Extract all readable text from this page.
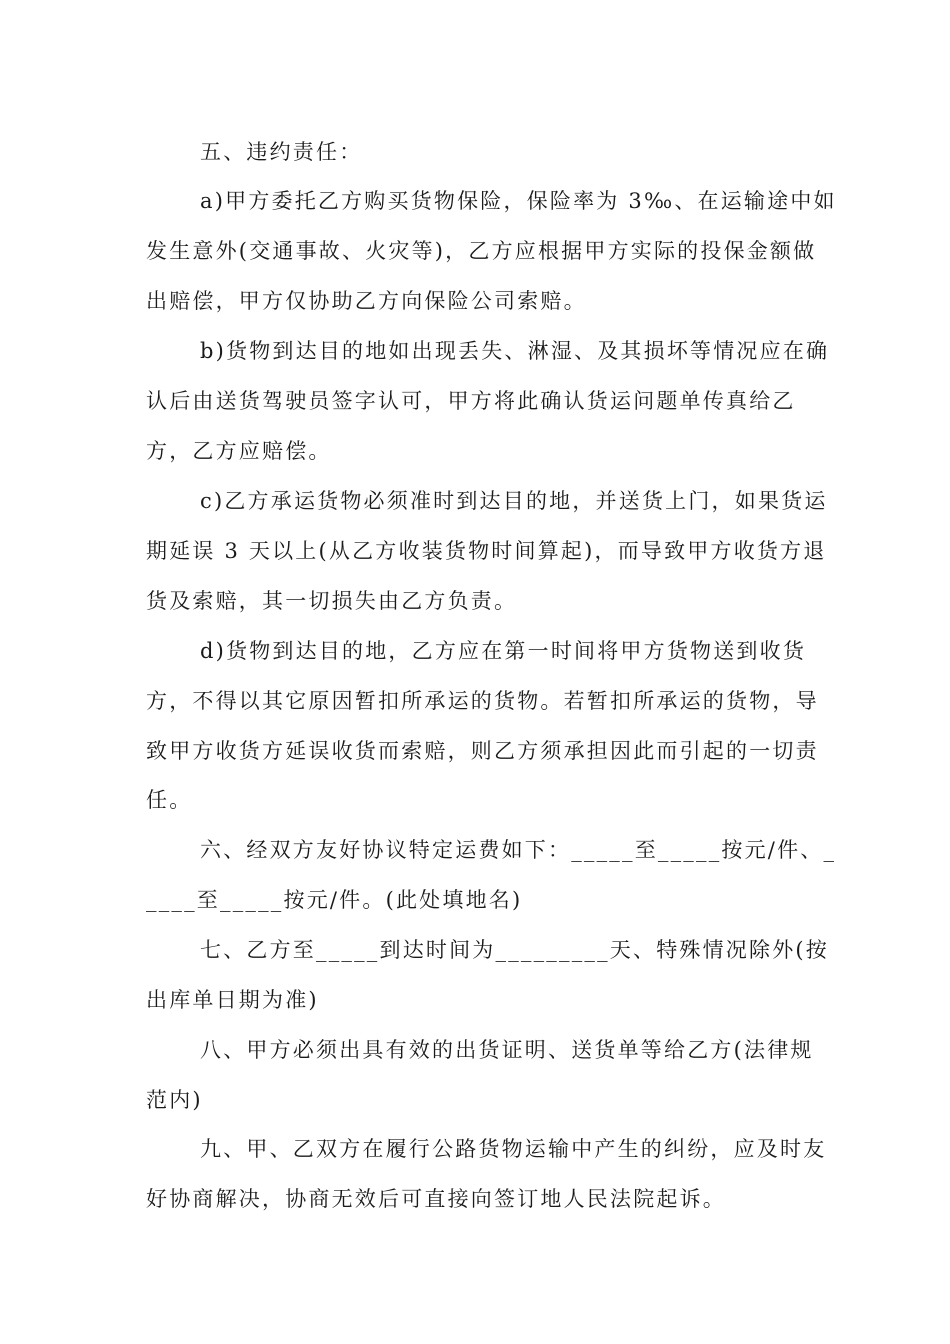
五、违约责任：
a)甲方委托乙方购买货物保险，保险率为 3‰、在运输途中如
发生意外(交通事故、火灾等)，乙方应根据甲方实际的投保金额做
出赔偿，甲方仅协助乙方向保险公司索赔。
b)货物到达目的地如出现丢失、淋湿、及其损坏等情况应在确
认后由送货驾驶员签字认可，甲方将此确认货运问题单传真给乙
方，乙方应赔偿。
c)乙方承运货物必须准时到达目的地，并送货上门，如果货运
期延误 3 天以上(从乙方收装货物时间算起)，而导致甲方收货方退
货及索赔，其一切损失由乙方负责。
d)货物到达目的地，乙方应在第一时间将甲方货物送到收货
方，不得以其它原因暂扣所承运的货物。若暂扣所承运的货物，导
致甲方收货方延误收货而索赔，则乙方须承担因此而引起的一切责
任。
六、经双方友好协议特定运费如下：_____至_____按元/件、_
____至_____按元/件。(此处填地名)
七、乙方至_____到达时间为_________天、特殊情况除外(按
出库单日期为准)
八、甲方必须出具有效的出货证明、送货单等给乙方(法律规
范内)
九、甲、乙双方在履行公路货物运输中产生的纠纷，应及时友
好协商解决，协商无效后可直接向签订地人民法院起诉。
